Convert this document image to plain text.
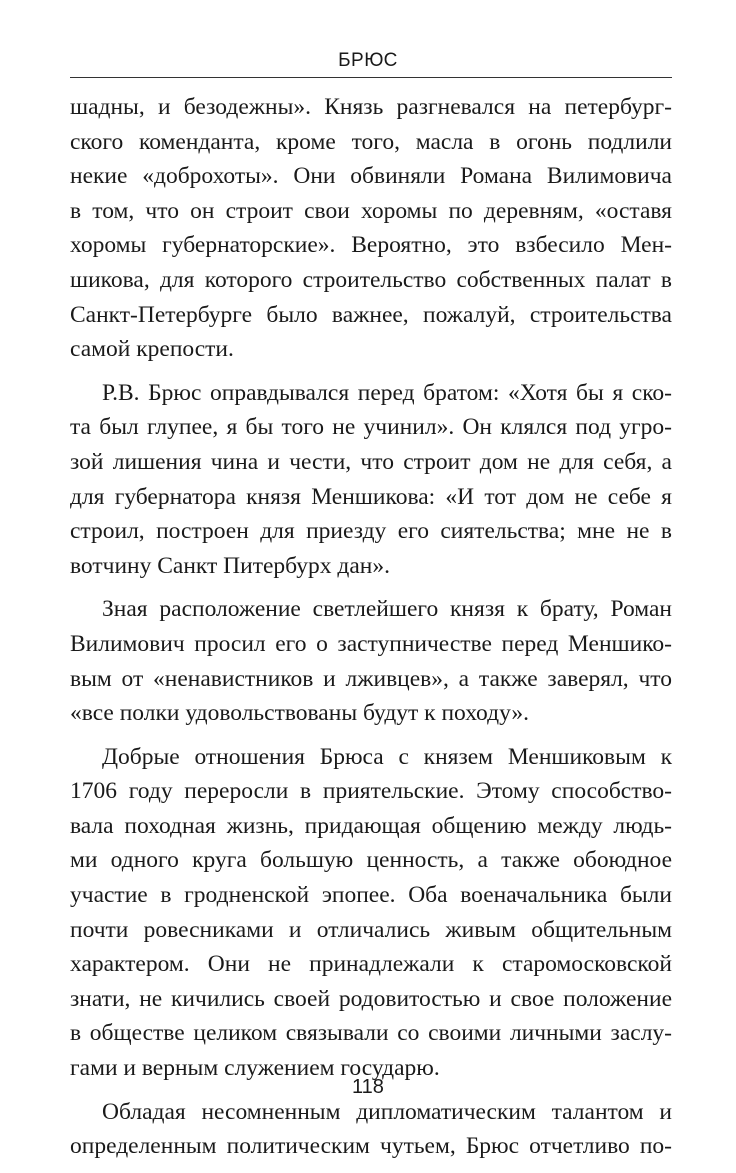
БРЮС

шадны, и безодежны». Князь разгневался на петербург-
ского коменданта, кроме того, масла в огонь подлили
некие «доброхоты». Они обвиняли Романа Вилимовича
в том, что он строит свои хоромы по деревням, «оставя
хоромы губернаторские». Вероятно, это взбесило Мен-
шикова, для которого строительство собственных палат в
Санкт-Петербурге было важнее, пожалуй, строительства
самой крепости.

Р.В. Брюс оправдывался перед братом: «Хотя бы я ско-
та был глупее, я бы того не учинил». Он клялся под угро-
зой лишения чина и чести, что строит дом не для себя, а
для губернатора князя Меншикова: «И тот дом не себе я
строил, построен для приезду его сиятельства; мне не в
вотчину Санкт Питербурх дан».

Зная расположение светлейшего князя к брату, Роман
Вилимович просил его о заступничестве перед Меншико-
вым от «ненавистников и лживцев», а также заверял, что
«все полки удовольствованы будут к походу».

Добрые отношения Брюса с князем Меншиковым к
1706 году переросли в приятельские. Этому способство-
вала походная жизнь, придающая общению между людь-
ми одного круга большую ценность, а также обоюдное
участие в гродненской эпопее. Оба военачальника были
почти ровесниками и отличались живым общительным
характером. Они не принадлежали к старомосковской
знати, не кичились своей родовитостью и свое положение
в обществе целиком связывали со своими личными заслу-
гами и верным служением государю.

Обладая несомненным дипломатическим талантом и
определенным политическим чутьем, Брюс отчетливо по-

118
